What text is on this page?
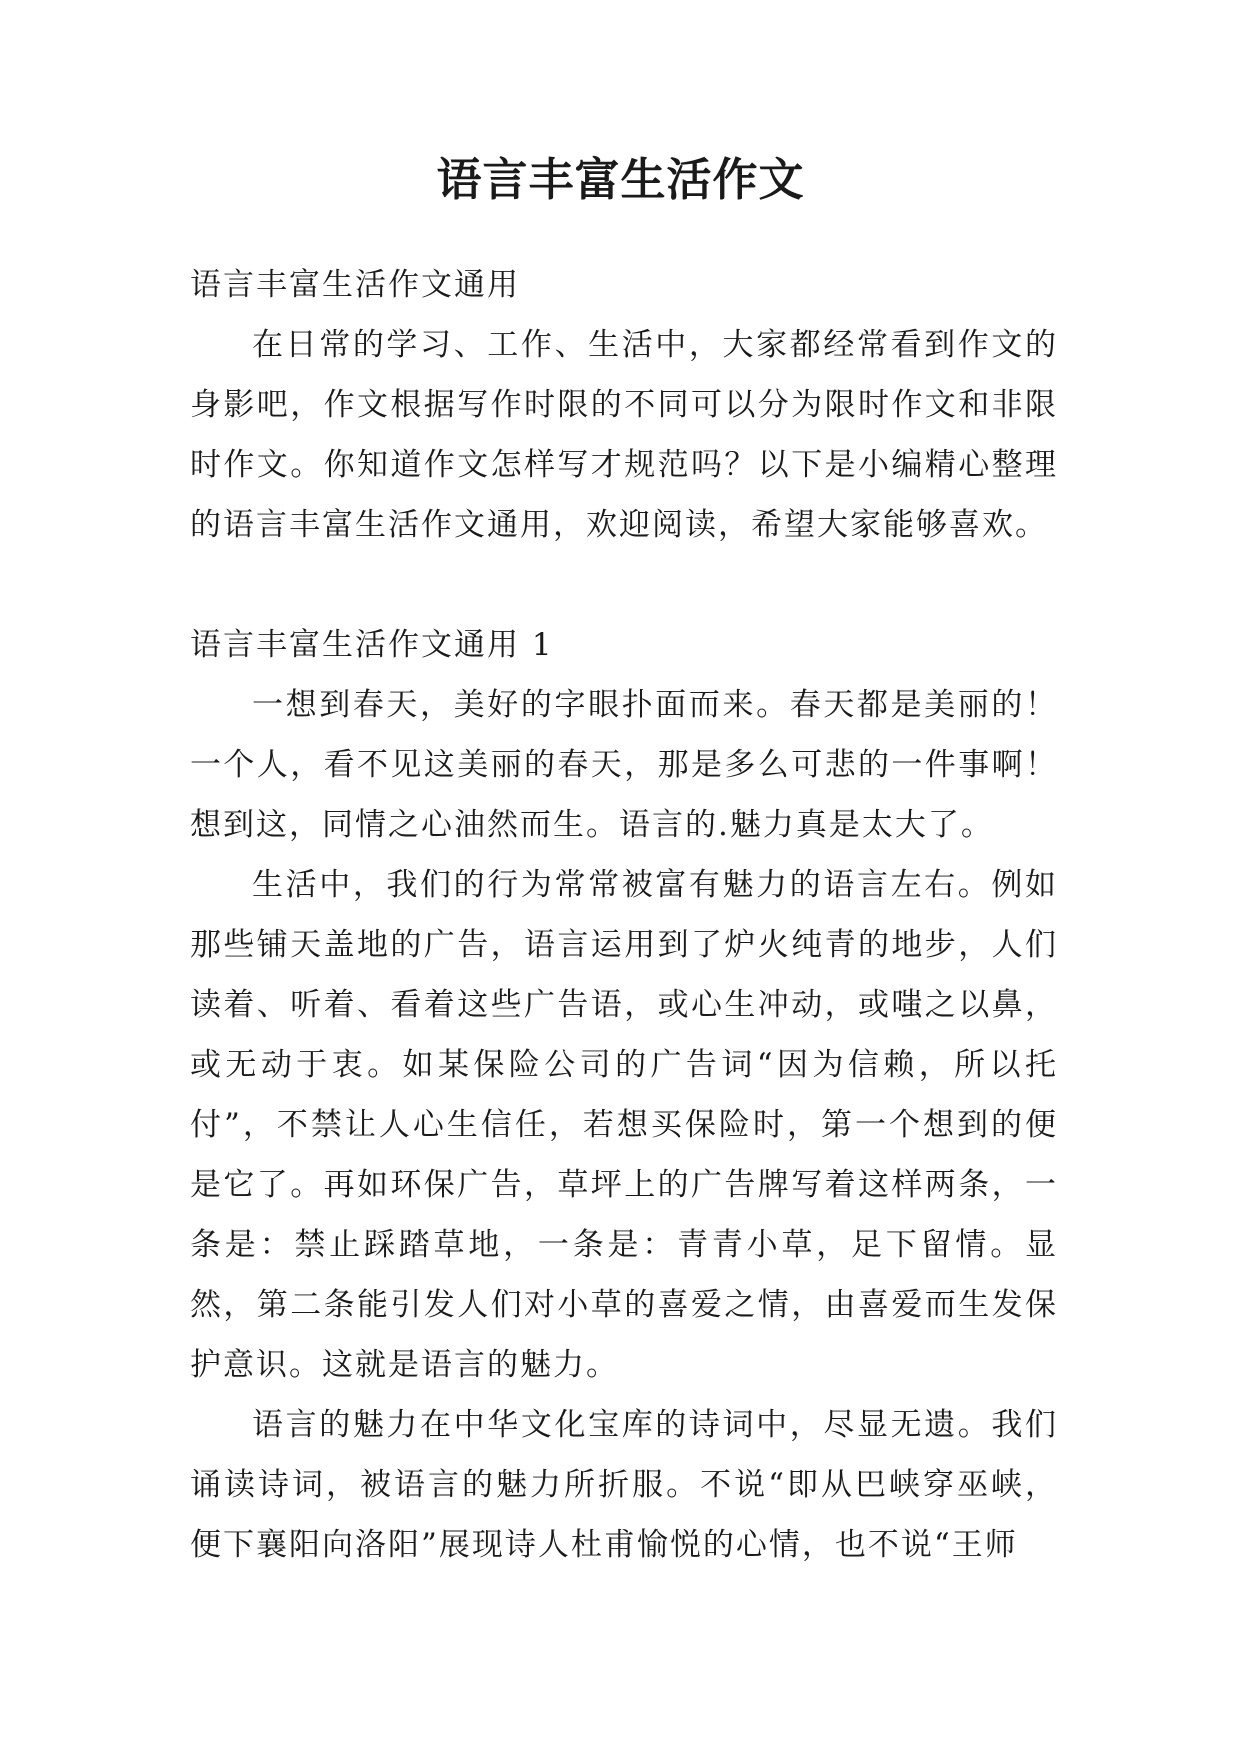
语言丰富生活作文

语言丰富生活作文通用

在日常的学习、工作、生活中，大家都经常看到作文的身影吧，作文根据写作时限的不同可以分为限时作文和非限时作文。你知道作文怎样写才规范吗？以下是小编精心整理的语言丰富生活作文通用，欢迎阅读，希望大家能够喜欢。

语言丰富生活作文通用 1

一想到春天，美好的字眼扑面而来。春天都是美丽的！一个人，看不见这美丽的春天，那是多么可悲的一件事啊！想到这，同情之心油然而生。语言的.魅力真是太大了。

生活中，我们的行为常常被富有魅力的语言左右。例如那些铺天盖地的广告，语言运用到了炉火纯青的地步，人们读着、听着、看着这些广告语，或心生冲动，或嗤之以鼻，或无动于衷。如某保险公司的广告词“因为信赖，所以托付”，不禁让人心生信任，若想买保险时，第一个想到的便是它了。再如环保广告，草坪上的广告牌写着这样两条，一条是：禁止踩踏草地，一条是：青青小草，足下留情。显然，第二条能引发人们对小草的喜爱之情，由喜爱而生发保护意识。这就是语言的魅力。

语言的魅力在中华文化宝库的诗词中，尽显无遗。我们诵读诗词，被语言的魅力所折服。不说“即从巴峡穿巫峡，便下襄阳向洛阳”展现诗人杜甫愉悦的心情，也不说“王师
